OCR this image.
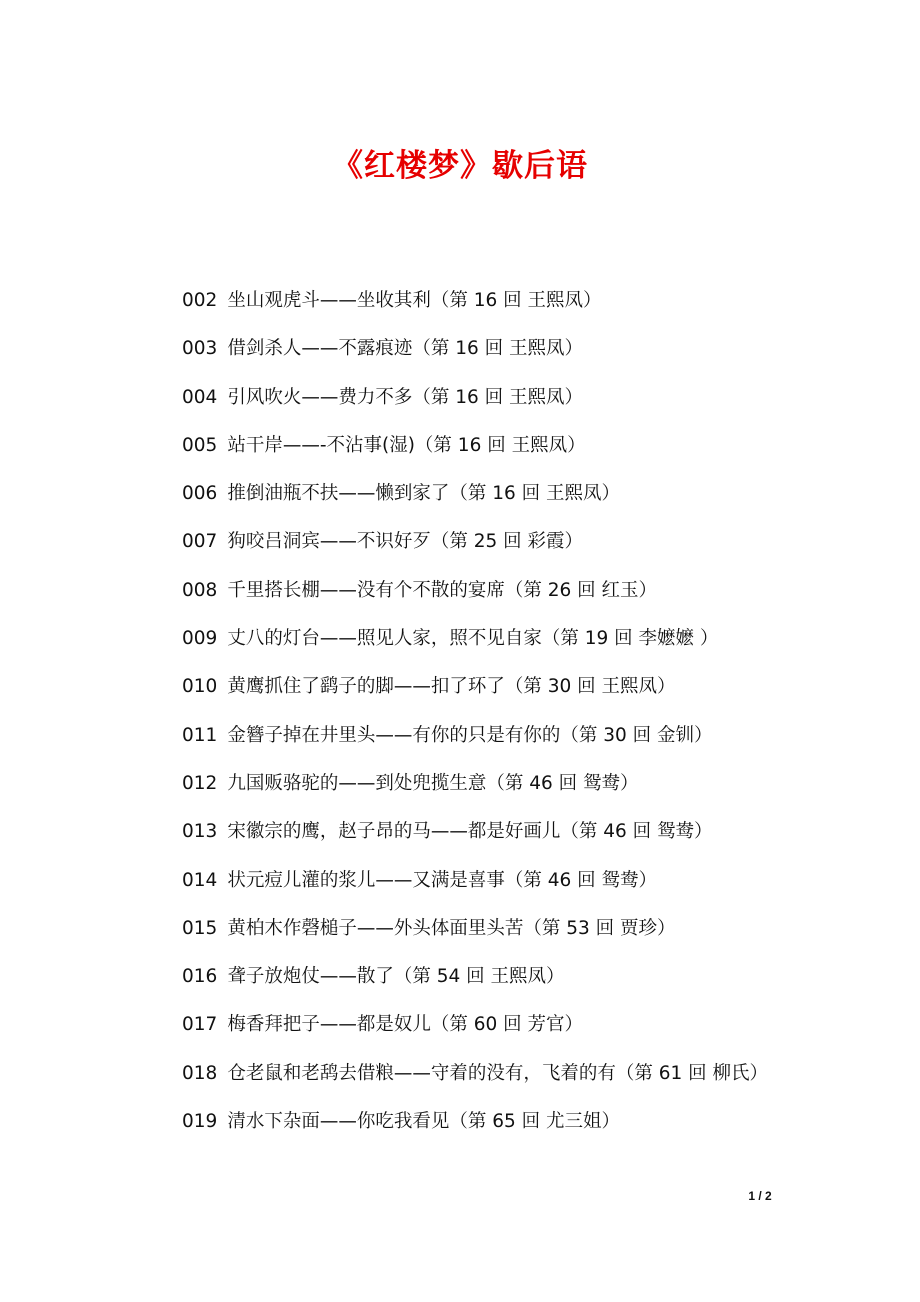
《红楼梦》歇后语
002 坐山观虎斗——坐收其利（第 16 回 王熙凤）
003 借剑杀人——不露痕迹（第 16 回 王熙凤）
004 引风吹火——费力不多（第 16 回 王熙凤）
005 站干岸——-不沾事(湿)（第 16 回 王熙凤）
006 推倒油瓶不扶——懒到家了（第 16 回 王熙凤）
007 狗咬吕洞宾——不识好歹（第 25 回 彩霞）
008 千里搭长棚——没有个不散的宴席（第 26 回 红玉）
009 丈八的灯台——照见人家，照不见自家（第 19 回 李嬷嬷 ）
010 黄鹰抓住了鹞子的脚——扣了环了（第 30 回 王熙凤）
011 金簪子掉在井里头——有你的只是有你的（第 30 回 金钏）
012 九国贩骆驼的——到处兜揽生意（第 46 回 鸳鸯）
013 宋徽宗的鹰，赵子昂的马——都是好画儿（第 46 回 鸳鸯）
014 状元痘儿灌的浆儿——又满是喜事（第 46 回 鸳鸯）
015 黄柏木作磬槌子——外头体面里头苦（第 53 回 贾珍）
016 聋子放炮仗——散了（第 54 回 王熙凤）
017 梅香拜把子——都是奴儿（第 60 回 芳官）
018 仓老鼠和老鸹去借粮——守着的没有，飞着的有（第 61 回 柳氏）
019 清水下杂面——你吃我看见（第 65 回 尤三姐）
1 / 2
